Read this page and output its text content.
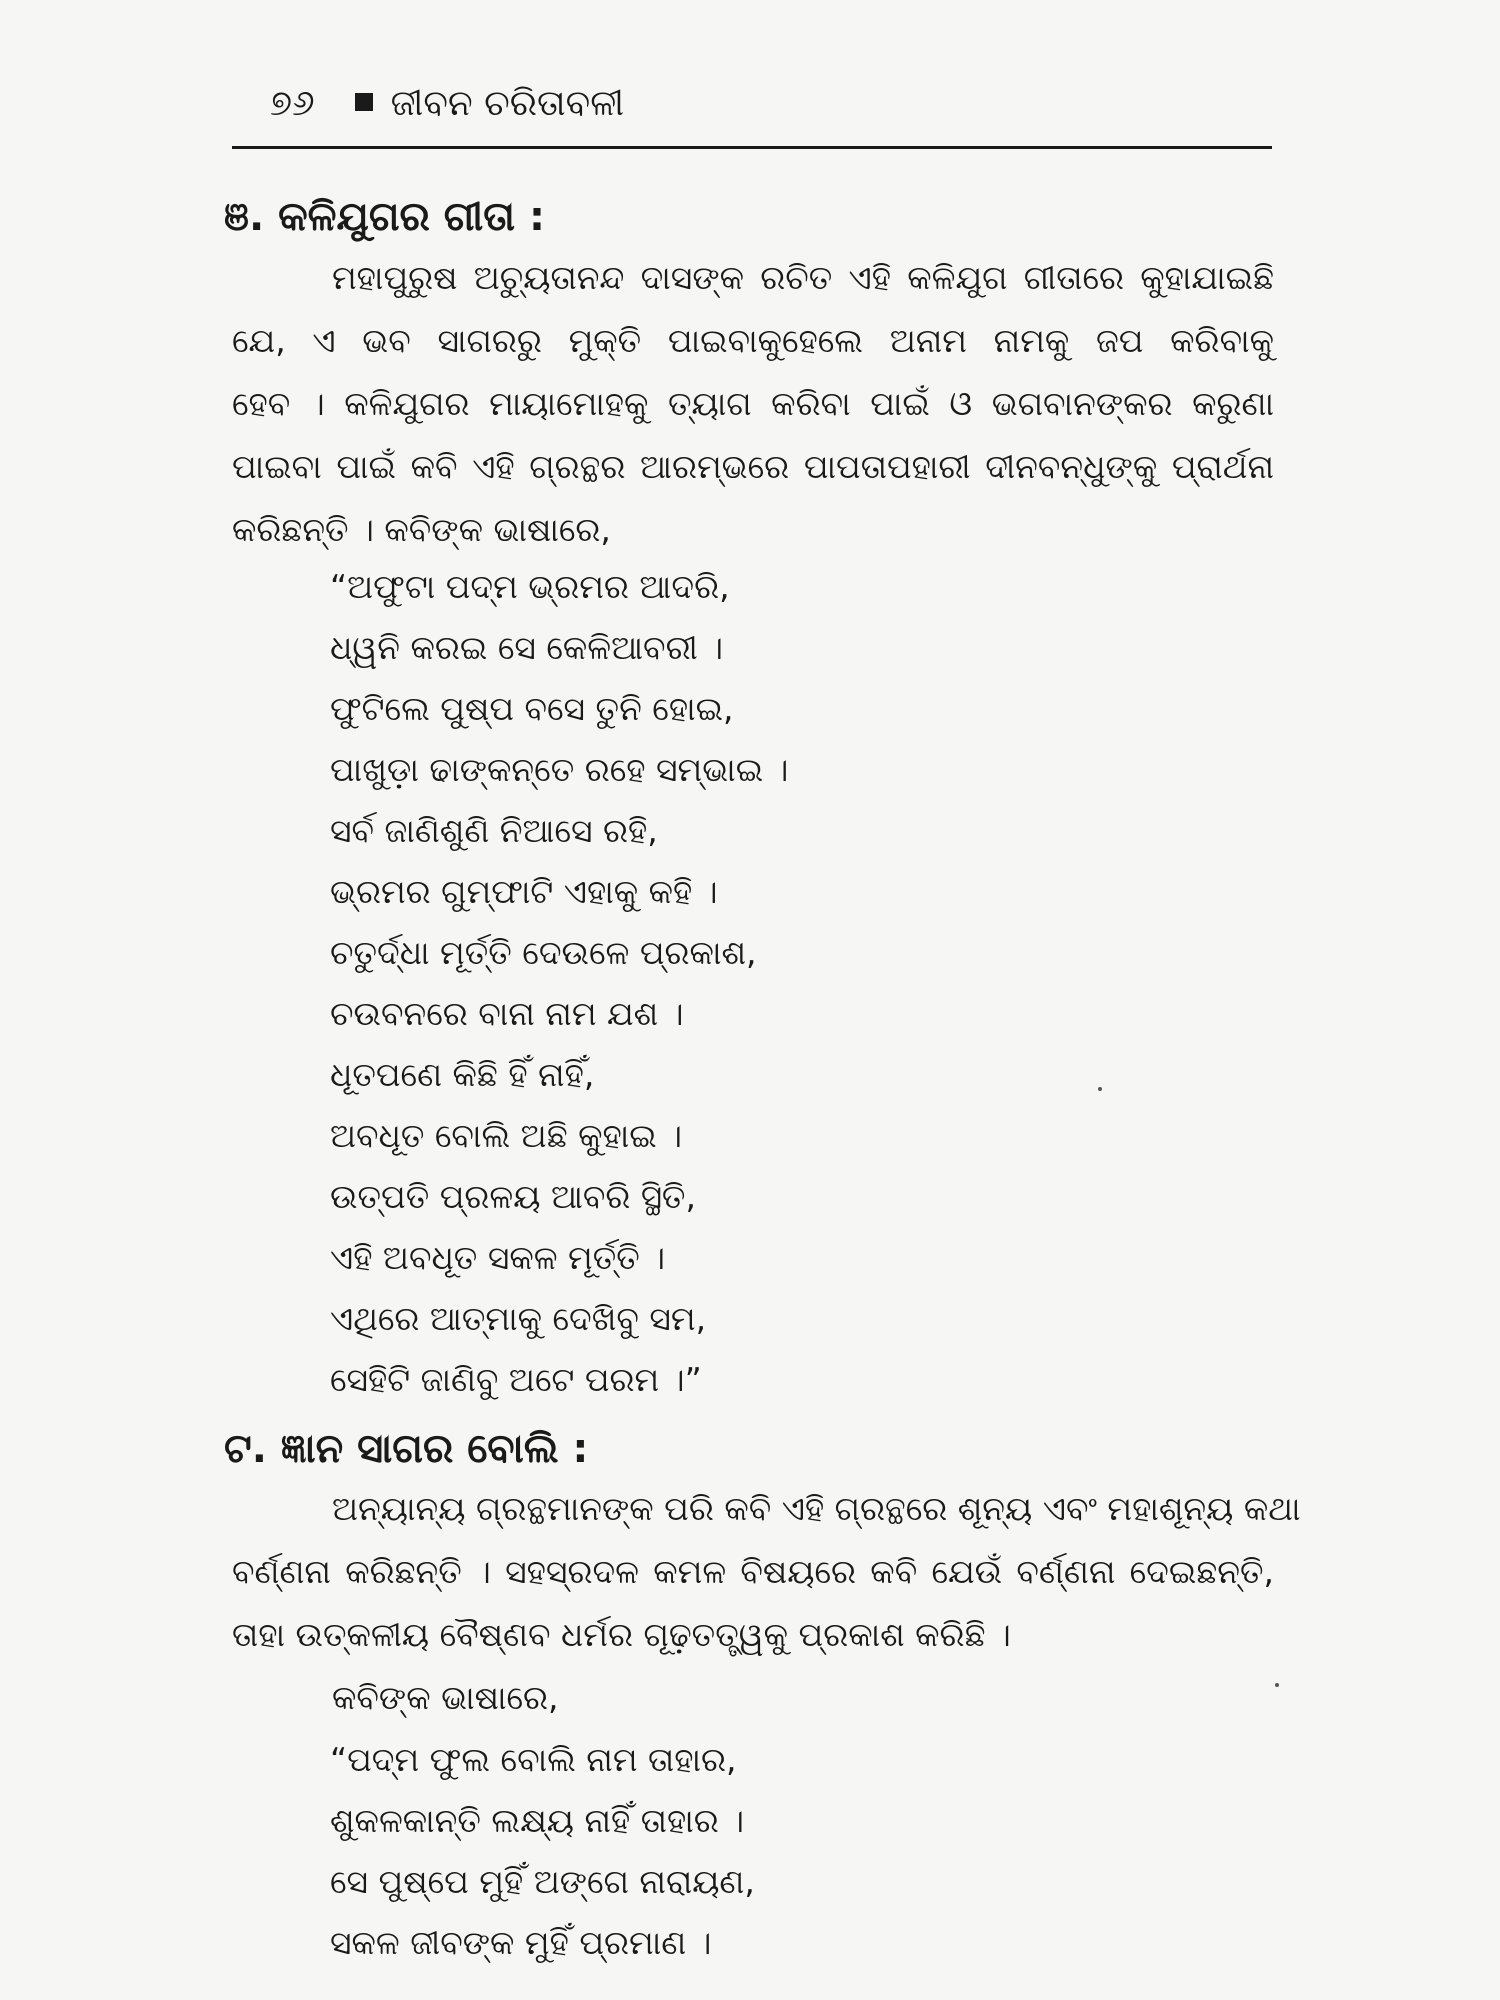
୭୬ ଜୀବନ ଚରିତାବଳୀ
ଞ. କଳିଯୁଗର ଗୀତା :
ମହାପୁରୁଷ ଅଚ୍ୟୁତାନନ୍ଦ ଦାସଙ୍କ ରଚିତ ଏହି କଳିଯୁଗ ଗୀତାରେ କୁହାଯାଇଛି
ଯେ, ଏ ଭବ ସାଗରରୁ ମୁକ୍ତି ପାଇବାକୁହେଲେ ଅନାମ ନାମକୁ ଜପ କରିବାକୁ
ହେବ । କଳିଯୁଗର ମାୟାମୋହକୁ ତ୍ୟାଗ କରିବା ପାଇଁ ଓ ଭଗବାନଙ୍କର କରୁଣା
ପାଇବା ପାଇଁ କବି ଏହି ଗ୍ରନ୍ଥର ଆରମ୍ଭରେ ପାପତାପହାରୀ ଦୀନବନ୍ଧୁଙ୍କୁ ପ୍ରାର୍ଥନା
କରିଛନ୍ତି । କବିଙ୍କ ଭାଷାରେ,
“ଅଫୁଟା ପଦ୍ମ ଭ୍ରମର ଆଦରି,
ଧ୍ୱନି କରଇ ସେ କେଳିଆବରୀ ।
ଫୁଟିଲେ ପୁଷ୍ପ ବସେ ତୁନି ହୋଇ,
ପାଖୁଡ଼ା ଢାଙ୍କନ୍ତେ ରହେ ସମ୍ଭାଇ ।
ସର୍ବ ଜାଣିଶୁଣି ନିଆସେ ରହି,
ଭ୍ରମର ଗୁମ୍ଫାଟି ଏହାକୁ କହି ।
ଚତୁର୍ଦ୍ଧା ମୂର୍ତ୍ତି ଦେଉଳେ ପ୍ରକାଶ,
ଚଉବନରେ ବାନା ନାମ ଯଶ ।
ଧୂତପଣେ କିଛି ହିଁ ନାହିଁ,
ଅବଧୂତ ବୋଲି ଅଛି କୁହାଇ ।
ଉତ୍ପତି ପ୍ରଳୟ ଆବରି ସ୍ଥିତି,
ଏହି ଅବଧୂତ ସକଳ ମୂର୍ତ୍ତି ।
ଏଥିରେ ଆତ୍ମାକୁ ଦେଖିବୁ ସମ,
ସେହିଟି ଜାଣିବୁ ଅଟେ ପରମ ।”
ଟ. ଜ୍ଞାନ ସାଗର ବୋଲି :
ଅନ୍ୟାନ୍ୟ ଗ୍ରନ୍ଥମାନଙ୍କ ପରି କବି ଏହି ଗ୍ରନ୍ଥରେ ଶୂନ୍ୟ ଏବଂ ମହାଶୂନ୍ୟ କଥା
ବର୍ଣ୍ଣନା କରିଛନ୍ତି । ସହସ୍ରଦଳ କମଳ ବିଷୟରେ କବି ଯେଉଁ ବର୍ଣ୍ଣନା ଦେଇଛନ୍ତି,
ତାହା ଉତ୍କଳୀୟ ବୈଷ୍ଣବ ଧର୍ମର ଗୂଢ଼ତତ୍ତ୍ୱକୁ ପ୍ରକାଶ କରିଛି ।
କବିଙ୍କ ଭାଷାରେ,
“ପଦ୍ମ ଫୁଲ ବୋଲି ନାମ ତାହାର,
ଶୁକଳକାନ୍ତି ଲକ୍ଷ୍ୟ ନାହିଁ ତାହାର ।
ସେ ପୁଷ୍ପେ ମୁହିଁ ଅଙ୍ଗେ ନାରାୟଣ,
ସକଳ ଜୀବଙ୍କ ମୁହିଁ ପ୍ରମାଣ ।
